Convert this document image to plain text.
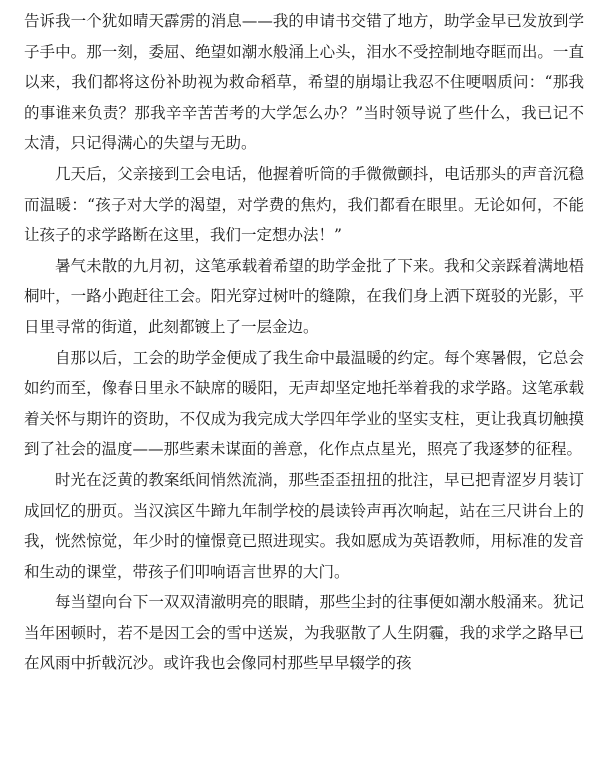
告诉我一个犹如晴天霹雳的消息——我的申请书交错了地方，助学金早已发放到学子手中。那一刻，委屈、绝望如潮水般涌上心头，泪水不受控制地夺眶而出。一直以来，我们都将这份补助视为救命稻草，希望的崩塌让我忍不住哽咽质问：“那我的事谁来负责？那我辛辛苦苦考的大学怎么办？”当时领导说了些什么，我已记不太清，只记得满心的失望与无助。

几天后，父亲接到工会电话，他握着听筒的手微微颤抖，电话那头的声音沉稳而温暖：“孩子对大学的渴望，对学费的焦灼，我们都看在眼里。无论如何，不能让孩子的求学路断在这里，我们一定想办法！”

暑气未散的九月初，这笔承载着希望的助学金批了下来。我和父亲踩着满地梧桐叶，一路小跑赶往工会。阳光穿过树叶的缝隙，在我们身上洒下斑驳的光影，平日里寻常的街道，此刻都镀上了一层金边。

自那以后，工会的助学金便成了我生命中最温暖的约定。每个寒暑假，它总会如约而至，像春日里永不缺席的暖阳，无声却坚定地托举着我的求学路。这笔承载着关怀与期许的资助，不仅成为我完成大学四年学业的坚实支柱，更让我真切触摸到了社会的温度——那些素未谋面的善意，化作点点星光，照亮了我逐梦的征程。

时光在泛黄的教案纸间悄然流淌，那些歪歪扭扭的批注，早已把青涩岁月装订成回忆的册页。当汉滨区牛蹄九年制学校的晨读铃声再次响起，站在三尺讲台上的我，恍然惊觉，年少时的憧憬竟已照进现实。我如愿成为英语教师，用标准的发音和生动的课堂，带孩子们叩响语言世界的大门。

每当望向台下一双双清澈明亮的眼睛，那些尘封的往事便如潮水般涌来。犹记当年困顿时，若不是因工会的雪中送炭，为我驱散了人生阴霾，我的求学之路早已在风雨中折戟沉沙。或许我也会像同村那些早早辍学的孩
